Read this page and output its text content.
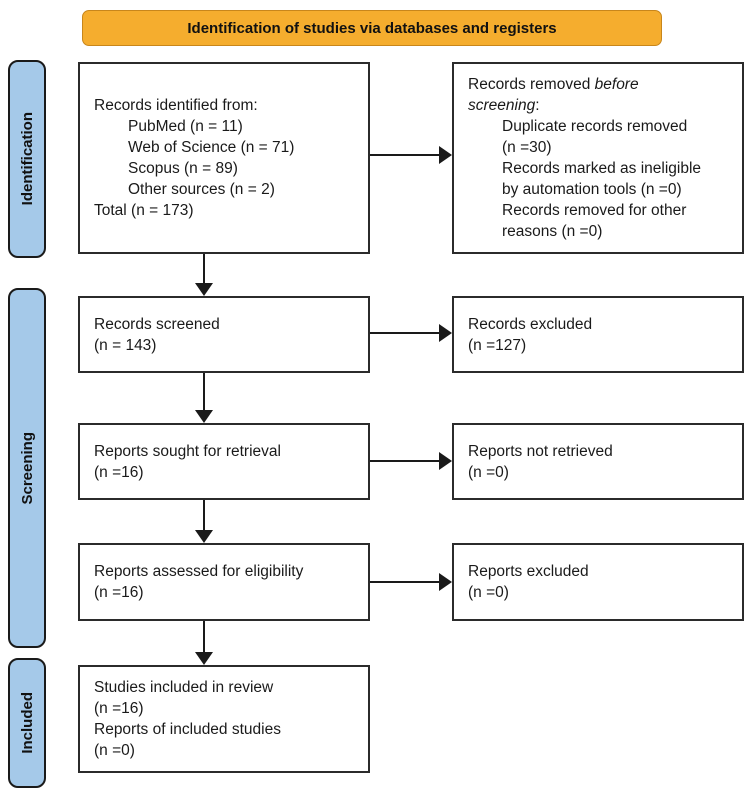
Identification of studies via databases and registers
Identification
Screening
Included
Records identified from:
PubMed (n = 11)
Web of Science (n = 71)
Scopus (n = 89)
Other sources (n = 2)
Total (n = 173)
Records removed before
screening:
Duplicate records removed
(n =30)
Records marked as ineligible
by automation tools (n =0)
Records removed for other
reasons (n =0)
Records screened
(n = 143)
Records excluded
(n =127)
Reports sought for retrieval
(n =16)
Reports not retrieved
(n =0)
Reports assessed for eligibility
(n =16)
Reports excluded
(n =0)
Studies included in review
(n =16)
Reports of included studies
(n =0)
